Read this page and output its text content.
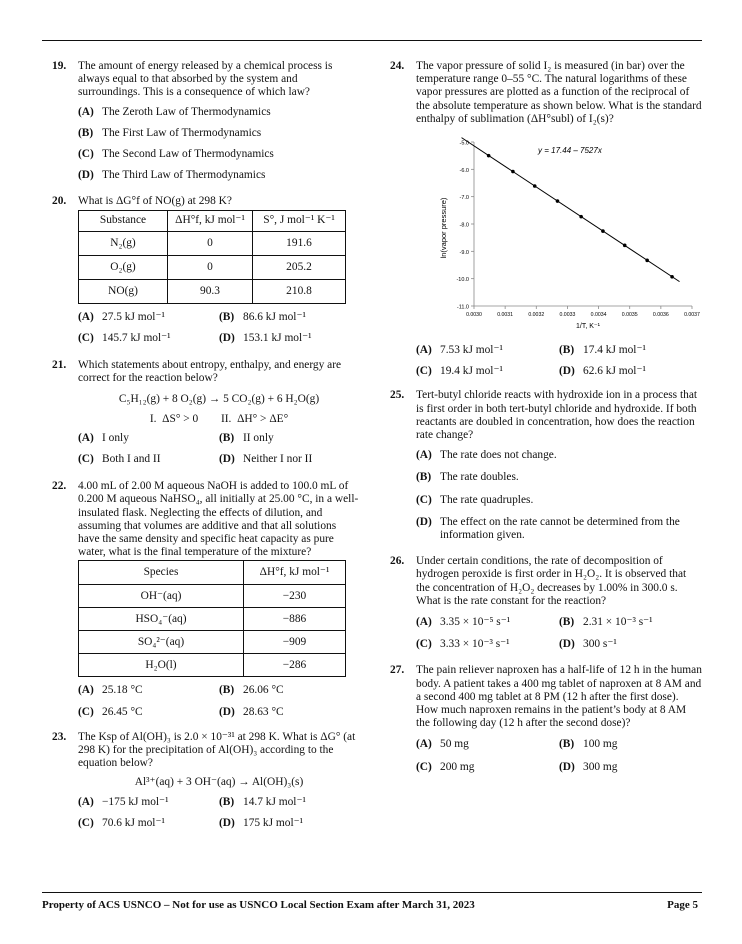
19. The amount of energy released by a chemical process is always equal to that absorbed by the system and surroundings. This is a consequence of which law?

(A) The Zeroth Law of Thermodynamics
(B) The First Law of Thermodynamics
(C) The Second Law of Thermodynamics
(D) The Third Law of Thermodynamics
20. What is ΔG°f of NO(g) at 298 K?

Substance	ΔH°f, kJ mol⁻¹	S°, J mol⁻¹ K⁻¹
N₂(g)	0	191.6
O₂(g)	0	205.2
NO(g)	90.3	210.8
(A) 27.5 kJ mol⁻¹	(B) 86.6 kJ mol⁻¹
(C) 145.7 kJ mol⁻¹	(D) 153.1 kJ mol⁻¹
21. Which statements about entropy, enthalpy, and energy are correct for the reaction below?

C₅H₁₂(g) + 8 O₂(g) → 5 CO₂(g) + 6 H₂O(g)
I.  ΔS° > 0        II.  ΔH° > ΔE°
(A) I only	(B) II only
(C) Both I and II	(D) Neither I nor II
22. 4.00 mL of 2.00 M aqueous NaOH is added to 100.0 mL of 0.200 M aqueous NaHSO₄, all initially at 25.00 °C, in a well-insulated flask. Neglecting the effects of dilution, and assuming that volumes are additive and that all solutions have the same density and specific heat capacity as pure water, what is the final temperature of the mixture?

Species	ΔH°f, kJ mol⁻¹
OH⁻(aq)	−230
HSO₄⁻(aq)	−886
SO₄²⁻(aq)	−909
H₂O(l)	−286
(A) 25.18 °C	(B) 26.06 °C
(C) 26.45 °C	(D) 28.63 °C
23. The Ksp of Al(OH)₃ is 2.0 × 10⁻³¹ at 298 K. What is ΔG° (at 298 K) for the precipitation of Al(OH)₃ according to the equation below?

Al³⁺(aq) + 3 OH⁻(aq) → Al(OH)₃(s)
(A) −175 kJ mol⁻¹	(B) 14.7 kJ mol⁻¹
(C) 70.6 kJ mol⁻¹	(D) 175 kJ mol⁻¹
24. The vapor pressure of solid I₂ is measured (in bar) over the temperature range 0–55 °C. The natural logarithms of these vapor pressures are plotted as a function of the reciprocal of the absolute temperature as shown below. What is the standard enthalpy of sublimation (ΔH°subl) of I₂(s)?

-5.0
-6.0
-7.0
-8.0
-9.0
-10.0
-11.0
0.0030	0.0031	0.0032	0.0033	0.0034	0.0035	0.0036	0.0037
y = 17.44 – 7527x
ln(vapor pressure)
1/T, K⁻¹
(A) 7.53 kJ mol⁻¹	(B) 17.4 kJ mol⁻¹
(C) 19.4 kJ mol⁻¹	(D) 62.6 kJ mol⁻¹
25. Tert-butyl chloride reacts with hydroxide ion in a process that is first order in both tert-butyl chloride and hydroxide. If both reactants are doubled in concentration, how does the reaction rate change?

(A) The rate does not change.
(B) The rate doubles.
(C) The rate quadruples.
(D) The effect on the rate cannot be determined from the information given.
26. Under certain conditions, the rate of decomposition of hydrogen peroxide is first order in H₂O₂. It is observed that the concentration of H₂O₂ decreases by 1.00% in 300.0 s. What is the rate constant for the reaction?

(A) 3.35 × 10⁻⁵ s⁻¹	(B) 2.31 × 10⁻³ s⁻¹
(C) 3.33 × 10⁻³ s⁻¹	(D) 300 s⁻¹
27. The pain reliever naproxen has a half-life of 12 h in the human body. A patient takes a 400 mg tablet of naproxen at 8 AM and a second 400 mg tablet at 8 PM (12 h after the first dose). How much naproxen remains in the patient’s body at 8 AM the following day (12 h after the second dose)?

(A) 50 mg	(B) 100 mg
(C) 200 mg	(D) 300 mg
Property of ACS USNCO – Not for use as USNCO Local Section Exam after March 31, 2023	Page 5
